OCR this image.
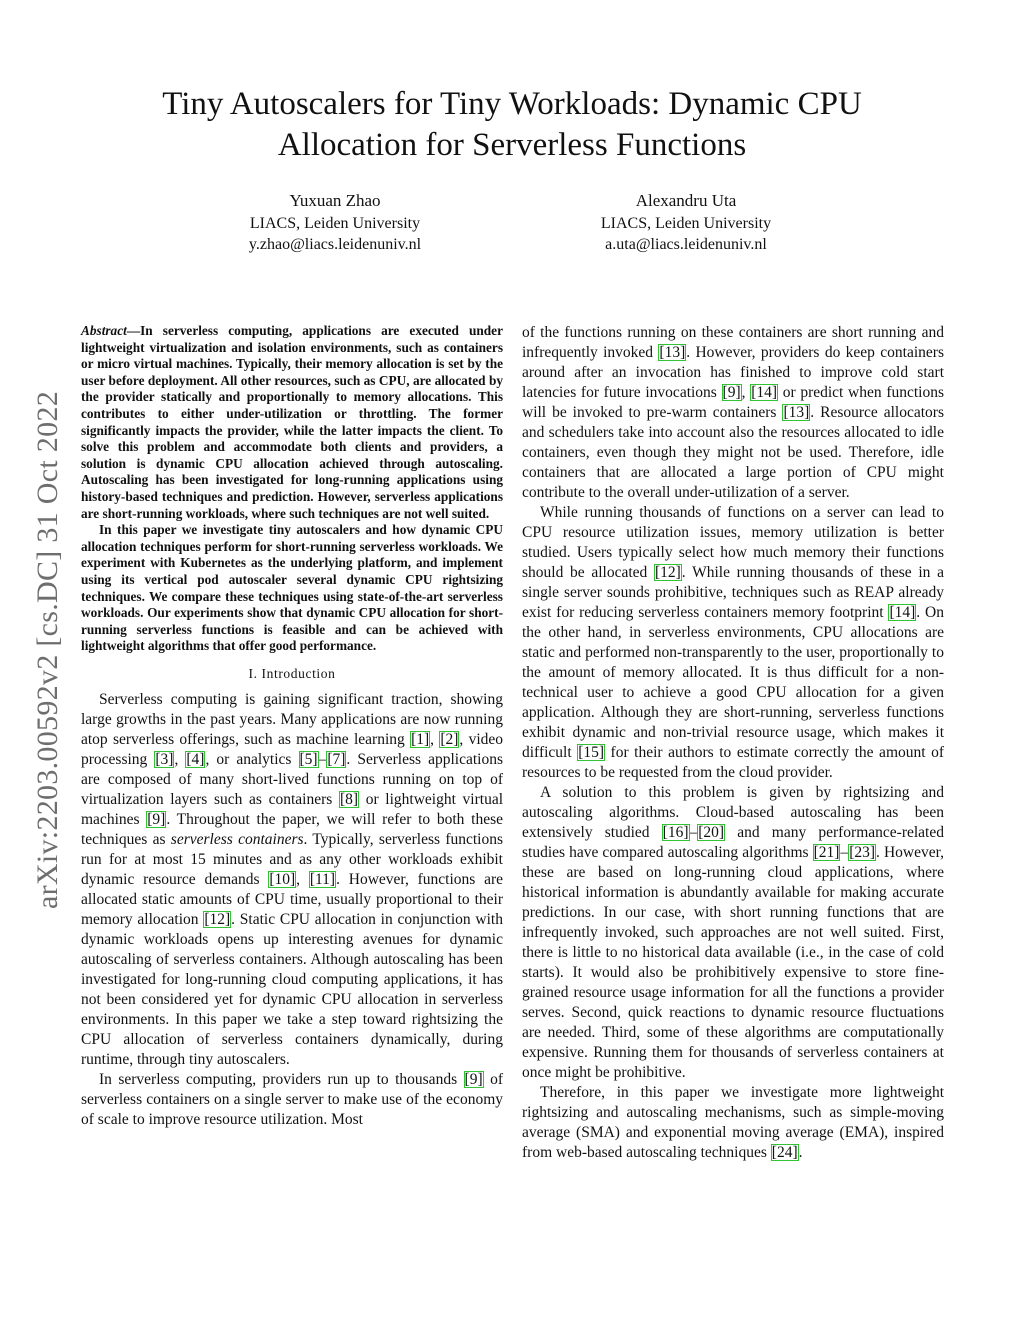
arXiv:2203.00592v2 [cs.DC] 31 Oct 2022
Tiny Autoscalers for Tiny Workloads: Dynamic CPU
Allocation for Serverless Functions
Yuxuan Zhao
LIACS, Leiden University
y.zhao@liacs.leidenuniv.nl
Alexandru Uta
LIACS, Leiden University
a.uta@liacs.leidenuniv.nl

Abstract—In serverless computing, applications are executed under lightweight virtualization and isolation environments, such as containers or micro virtual machines. Typically, their memory allocation is set by the user before deployment. All other resources, such as CPU, are allocated by the provider statically and proportionally to memory allocations. This contributes to either under-utilization or throttling. The former significantly impacts the provider, while the latter impacts the client. To solve this problem and accommodate both clients and providers, a solution is dynamic CPU allocation achieved through autoscaling. Autoscaling has been investigated for long-running applications using history-based techniques and prediction. However, serverless applications are short-running workloads, where such techniques are not well suited.

In this paper we investigate tiny autoscalers and how dynamic CPU allocation techniques perform for short-running serverless workloads. We experiment with Kubernetes as the underlying platform, and implement using its vertical pod autoscaler several dynamic CPU rightsizing techniques. We compare these techniques using state-of-the-art serverless workloads. Our experiments show that dynamic CPU allocation for short-running serverless functions is feasible and can be achieved with lightweight algorithms that offer good performance.

I. Introduction

Serverless computing is gaining significant traction, showing large growths in the past years. Many applications are now running atop serverless offerings, such as machine learning [1], [2], video processing [3], [4], or analytics [5]–[7]. Serverless applications are composed of many short-lived functions running on top of virtualization layers such as containers [8] or lightweight virtual machines [9]. Throughout the paper, we will refer to both these techniques as serverless containers. Typically, serverless functions run for at most 15 minutes and as any other workloads exhibit dynamic resource demands [10], [11]. However, functions are allocated static amounts of CPU time, usually proportional to their memory allocation [12]. Static CPU allocation in conjunction with dynamic workloads opens up interesting avenues for dynamic autoscaling of serverless containers. Although autoscaling has been investigated for long-running cloud computing applications, it has not been considered yet for dynamic CPU allocation in serverless environments. In this paper we take a step toward rightsizing the CPU allocation of serverless containers dynamically, during runtime, through tiny autoscalers.

In serverless computing, providers run up to thousands [9] of serverless containers on a single server to make use of the economy of scale to improve resource utilization. Most

of the functions running on these containers are short running and infrequently invoked [13]. However, providers do keep containers around after an invocation has finished to improve cold start latencies for future invocations [9], [14] or predict when functions will be invoked to pre-warm containers [13]. Resource allocators and schedulers take into account also the resources allocated to idle containers, even though they might not be used. Therefore, idle containers that are allocated a large portion of CPU might contribute to the overall under-utilization of a server.

While running thousands of functions on a server can lead to CPU resource utilization issues, memory utilization is better studied. Users typically select how much memory their functions should be allocated [12]. While running thousands of these in a single server sounds prohibitive, techniques such as REAP already exist for reducing serverless containers memory footprint [14]. On the other hand, in serverless environments, CPU allocations are static and performed non-transparently to the user, proportionally to the amount of memory allocated. It is thus difficult for a non-technical user to achieve a good CPU allocation for a given application. Although they are short-running, serverless functions exhibit dynamic and non-trivial resource usage, which makes it difficult [15] for their authors to estimate correctly the amount of resources to be requested from the cloud provider.

A solution to this problem is given by rightsizing and autoscaling algorithms. Cloud-based autoscaling has been extensively studied [16]–[20] and many performance-related studies have compared autoscaling algorithms [21]–[23]. However, these are based on long-running cloud applications, where historical information is abundantly available for making accurate predictions. In our case, with short running functions that are infrequently invoked, such approaches are not well suited. First, there is little to no historical data available (i.e., in the case of cold starts). It would also be prohibitively expensive to store fine-grained resource usage information for all the functions a provider serves. Second, quick reactions to dynamic resource fluctuations are needed. Third, some of these algorithms are computationally expensive. Running them for thousands of serverless containers at once might be prohibitive.

Therefore, in this paper we investigate more lightweight rightsizing and autoscaling mechanisms, such as simple-moving average (SMA) and exponential moving average (EMA), inspired from web-based autoscaling techniques [24].
